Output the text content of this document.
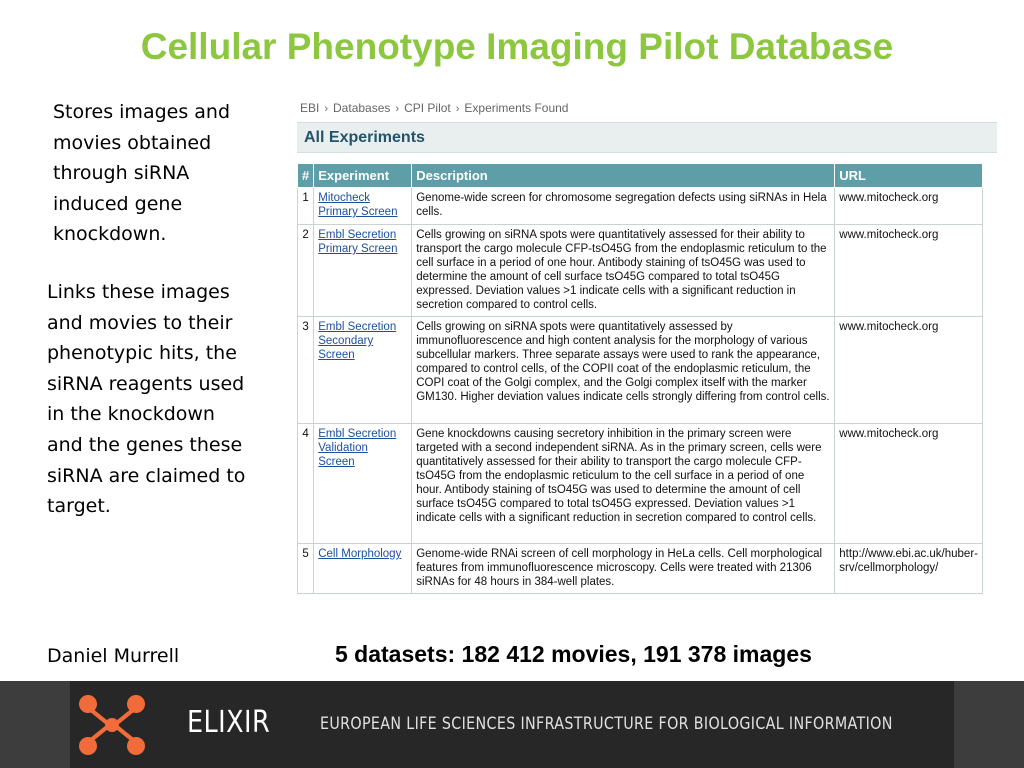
Cellular Phenotype Imaging Pilot Database
Stores images and movies obtained through siRNA induced gene knockdown.
Links these images and movies to their phenotypic hits, the siRNA reagents used in the knockdown and the genes these siRNA are claimed to target.
Daniel Murrell	5 datasets: 182 412 movies, 191 378 images
EBI › Databases › CPI Pilot › Experiments Found
All Experiments
#	Experiment	Description	URL
1	Mitocheck Primary Screen	Genome-wide screen for chromosome segregation defects using siRNAs in Hela cells.	www.mitocheck.org
2	Embl Secretion Primary Screen	Cells growing on siRNA spots were quantitatively assessed for their ability to transport the cargo molecule CFP-tsO45G from the endoplasmic reticulum to the cell surface in a period of one hour. Antibody staining of tsO45G was used to determine the amount of cell surface tsO45G compared to total tsO45G expressed. Deviation values >1 indicate cells with a significant reduction in secretion compared to control cells.	www.mitocheck.org
3	Embl Secretion Secondary Screen	Cells growing on siRNA spots were quantitatively assessed by immunofluorescence and high content analysis for the morphology of various subcellular markers. Three separate assays were used to rank the appearance, compared to control cells, of the COPII coat of the endoplasmic reticulum, the COPI coat of the Golgi complex, and the Golgi complex itself with the marker GM130. Higher deviation values indicate cells strongly differing from control cells.	www.mitocheck.org
4	Embl Secretion Validation Screen	Gene knockdowns causing secretory inhibition in the primary screen were targeted with a second independent siRNA. As in the primary screen, cells were quantitatively assessed for their ability to transport the cargo molecule CFP-tsO45G from the endoplasmic reticulum to the cell surface in a period of one hour. Antibody staining of tsO45G was used to determine the amount of cell surface tsO45G compared to total tsO45G expressed. Deviation values >1 indicate cells with a significant reduction in secretion compared to control cells.	www.mitocheck.org
5	Cell Morphology	Genome-wide RNAi screen of cell morphology in HeLa cells. Cell morphological features from immunofluorescence microscopy. Cells were treated with 21306 siRNAs for 48 hours in 384-well plates.	http://www.ebi.ac.uk/huber-srv/cellmorphology/
ELIXIR	EUROPEAN LIFE SCIENCES INFRASTRUCTURE FOR BIOLOGICAL INFORMATION
